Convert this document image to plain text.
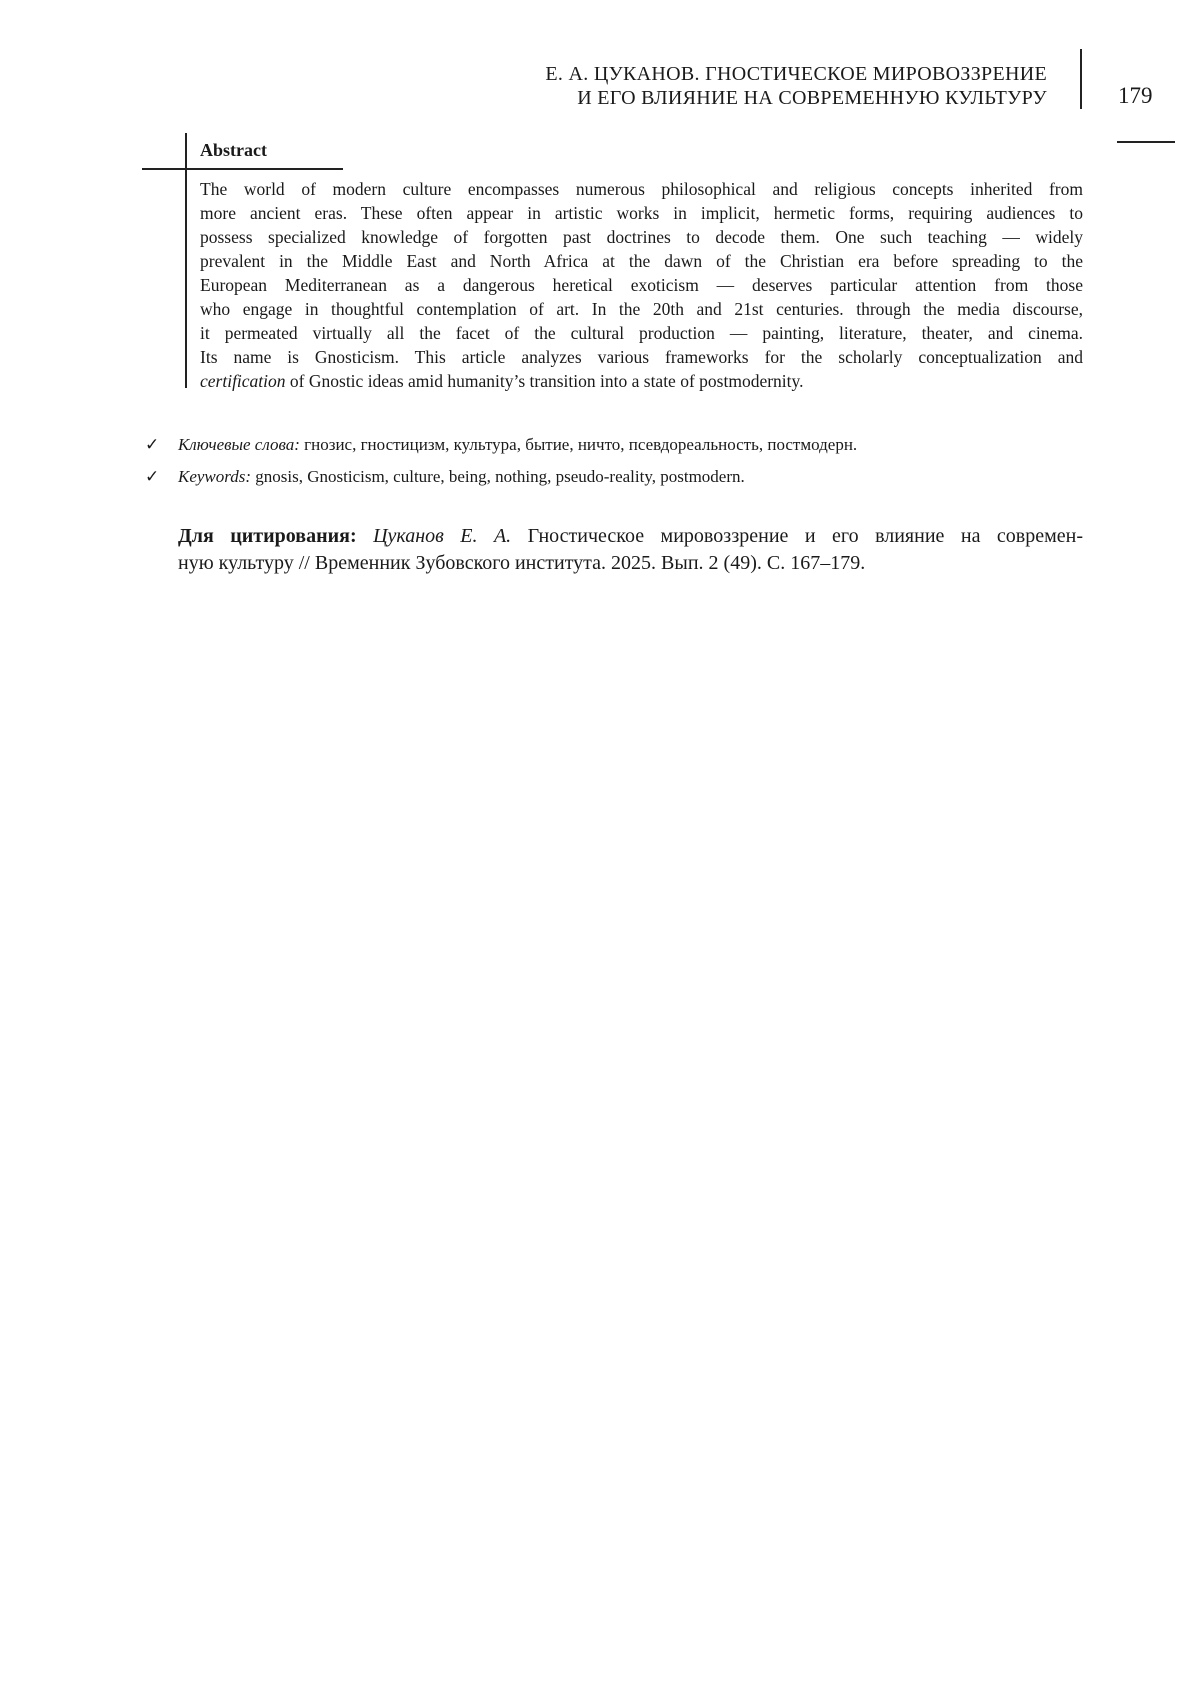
Е. А. ЦУКАНОВ. ГНОСТИЧЕСКОЕ МИРОВОЗЗРЕНИЕ
И ЕГО ВЛИЯНИЕ НА СОВРЕМЕННУЮ КУЛЬТУРУ	179
Abstract
The world of modern culture encompasses numerous philosophical and religious concepts inherited from
more ancient eras. These often appear in artistic works in implicit, hermetic forms, requiring audiences to
possess specialized knowledge of forgotten past doctrines to decode them. One such teaching — widely
prevalent in the Middle East and North Africa at the dawn of the Christian era before spreading to the
European Mediterranean as a dangerous heretical exoticism — deserves particular attention from those
who engage in thoughtful contemplation of art. In the 20th and 21st centuries. through the media discourse,
it permeated virtually all the facet of the cultural production — painting, literature, theater, and cinema.
Its name is Gnosticism. This article analyzes various frameworks for the scholarly conceptualization and
certification of Gnostic ideas amid humanity’s transition into a state of postmodernity.
✓ Ключевые слова: гнозис, гностицизм, культура, бытие, ничто, псевдореальность, постмодерн.
✓ Keywords: gnosis, Gnosticism, culture, being, nothing, pseudo-reality, postmodern.
Для цитирования: Цуканов Е. А. Гностическое мировоззрение и его влияние на современ-
ную культуру // Временник Зубовского института. 2025. Вып. 2 (49). С. 167–179.
